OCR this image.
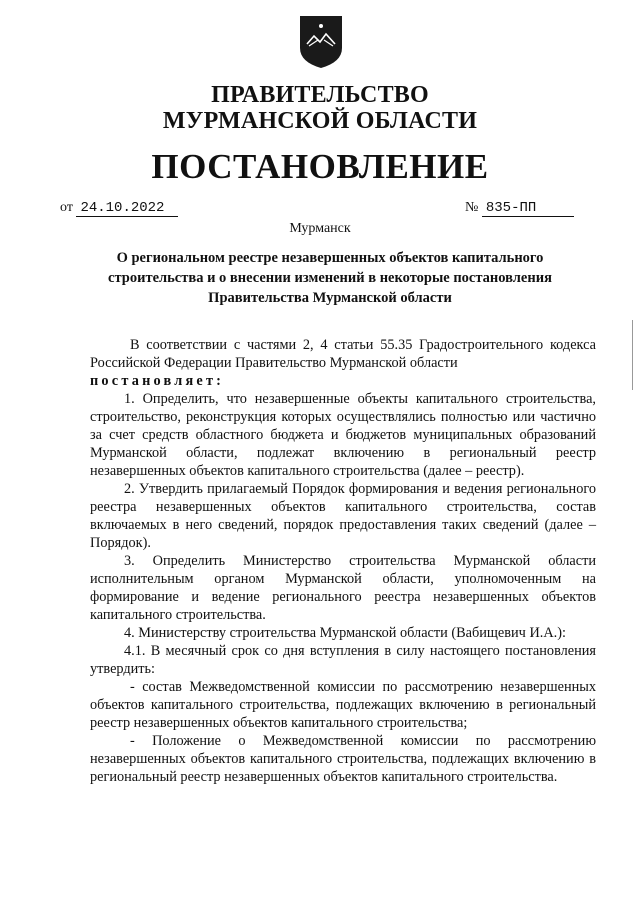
ПРАВИТЕЛЬСТВО
МУРМАНСКОЙ ОБЛАСТИ
ПОСТАНОВЛЕНИЕ
от 24.10.2022	№ 835-ПП
Мурманск
О региональном реестре незавершенных объектов капитального
строительства и о внесении изменений в некоторые постановления
Правительства Мурманской области

В соответствии с частями 2, 4 статьи 55.35 Градостроительного кодекса Российской Федерации Правительство Мурманской области

постановляет:

1. Определить, что незавершенные объекты капитального строительства, строительство, реконструкция которых осуществлялись полностью или частично за счет средств областного бюджета и бюджетов муниципальных образований Мурманской области, подлежат включению в региональный реестр незавершенных объектов капитального строительства (далее – реестр).

2. Утвердить прилагаемый Порядок формирования и ведения регионального реестра незавершенных объектов капитального строительства, состав включаемых в него сведений, порядок предоставления таких сведений (далее – Порядок).

3. Определить Министерство строительства Мурманской области исполнительным органом Мурманской области, уполномоченным на формирование и ведение регионального реестра незавершенных объектов капитального строительства.

4. Министерству строительства Мурманской области (Вабищевич И.А.):

4.1. В месячный срок со дня вступления в силу настоящего постановления утвердить:

- состав Межведомственной комиссии по рассмотрению незавершенных объектов капитального строительства, подлежащих включению в региональный реестр незавершенных объектов капитального строительства;

- Положение о Межведомственной комиссии по рассмотрению незавершенных объектов капитального строительства, подлежащих включению в региональный реестр незавершенных объектов капитального строительства.
